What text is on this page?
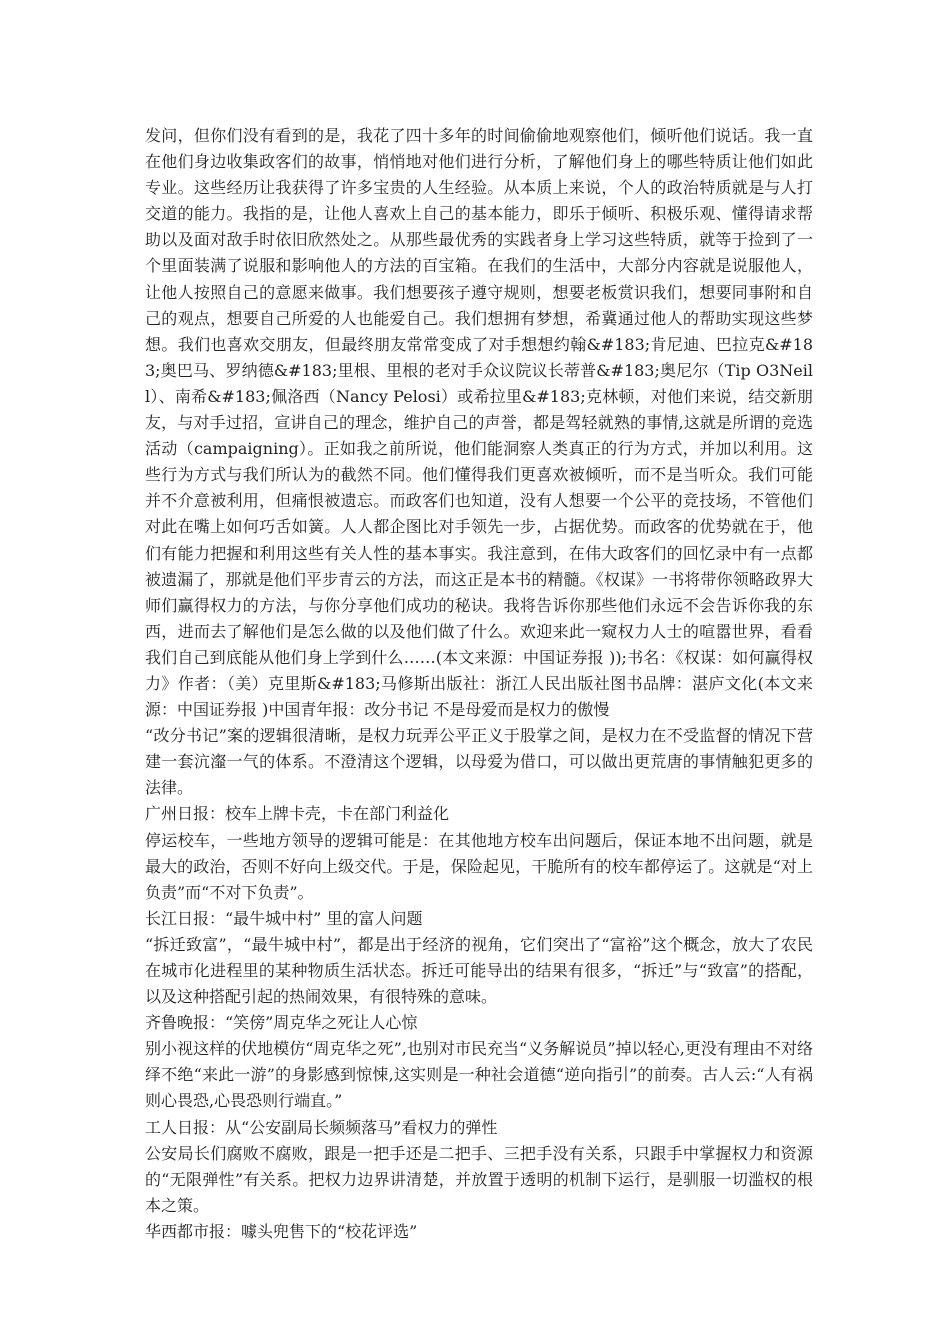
发问，但你们没有看到的是，我花了四十多年的时间偷偷地观察他们，倾听他们说话。我一直在他们身边收集政客们的故事，悄悄地对他们进行分析，了解他们身上的哪些特质让他们如此专业。这些经历让我获得了许多宝贵的人生经验。从本质上来说，个人的政治特质就是与人打交道的能力。我指的是，让他人喜欢上自己的基本能力，即乐于倾听、积极乐观、懂得请求帮助以及面对敌手时依旧欣然处之。从那些最优秀的实践者身上学习这些特质，就等于捡到了一个里面装满了说服和影响他人的方法的百宝箱。在我们的生活中，大部分内容就是说服他人，让他人按照自己的意愿来做事。我们想要孩子遵守规则，想要老板赏识我们，想要同事附和自己的观点，想要自己所爱的人也能爱自己。我们想拥有梦想，希冀通过他人的帮助实现这些梦想。我们也喜欢交朋友，但最终朋友常常变成了对手想想约翰&#183;肯尼迪、巴拉克&#183;奥巴马、罗纳德&#183;里根、里根的老对手众议院议长蒂普&#183;奥尼尔（Tip O3Neill）、南希&#183;佩洛西（Nancy Pelosi）或希拉里&#183;克林顿，对他们来说，结交新朋友，与对手过招，宣讲自己的理念，维护自己的声誉，都是驾轻就熟的事情,这就是所谓的竞选活动（campaigning）。正如我之前所说，他们能洞察人类真正的行为方式，并加以利用。这些行为方式与我们所认为的截然不同。他们懂得我们更喜欢被倾听，而不是当听众。我们可能并不介意被利用，但痛恨被遗忘。而政客们也知道，没有人想要一个公平的竞技场，不管他们对此在嘴上如何巧舌如簧。人人都企图比对手领先一步，占据优势。而政客的优势就在于，他们有能力把握和利用这些有关人性的基本事实。我注意到，在伟大政客们的回忆录中有一点都被遗漏了，那就是他们平步青云的方法，而这正是本书的精髓。《权谋》一书将带你领略政界大师们赢得权力的方法，与你分享他们成功的秘诀。我将告诉你那些他们永远不会告诉你我的东西，进而去了解他们是怎么做的以及他们做了什么。欢迎来此一窥权力人士的喧嚣世界，看看我们自己到底能从他们身上学到什么……(本文来源：中国证券报 ));书名：《权谋：如何赢得权力》作者：（美）克里斯&#183;马修斯出版社：浙江人民出版社图书品牌：湛庐文化(本文来源：中国证券报 )中国青年报：改分书记 不是母爱而是权力的傲慢

“改分书记”案的逻辑很清晰，是权力玩弄公平正义于股掌之间，是权力在不受监督的情况下营建一套沆瀣一气的体系。不澄清这个逻辑，以母爱为借口，可以做出更荒唐的事情触犯更多的法律。

广州日报：校车上牌卡壳，卡在部门利益化

停运校车，一些地方领导的逻辑可能是：在其他地方校车出问题后，保证本地不出问题，就是最大的政治，否则不好向上级交代。于是，保险起见，干脆所有的校车都停运了。这就是“对上负责”而“不对下负责”。

长江日报：“最牛城中村” 里的富人问题

“拆迁致富”，“最牛城中村”，都是出于经济的视角，它们突出了“富裕”这个概念，放大了农民在城市化进程里的某种物质生活状态。拆迁可能导出的结果有很多，“拆迁”与“致富”的搭配，以及这种搭配引起的热闹效果，有很特殊的意味。

齐鲁晚报：“笑傍”周克华之死让人心惊

别小视这样的伏地模仿“周克华之死”,也别对市民充当“义务解说员”掉以轻心,更没有理由不对络绎不绝“来此一游”的身影感到惊悚,这实则是一种社会道德“逆向指引”的前奏。古人云:“人有祸则心畏恐,心畏恐则行端直。”

工人日报：从“公安副局长频频落马”看权力的弹性

公安局长们腐败不腐败，跟是一把手还是二把手、三把手没有关系，只跟手中掌握权力和资源的“无限弹性”有关系。把权力边界讲清楚，并放置于透明的机制下运行，是驯服一切滥权的根本之策。

华西都市报：噱头兜售下的“校花评选”
